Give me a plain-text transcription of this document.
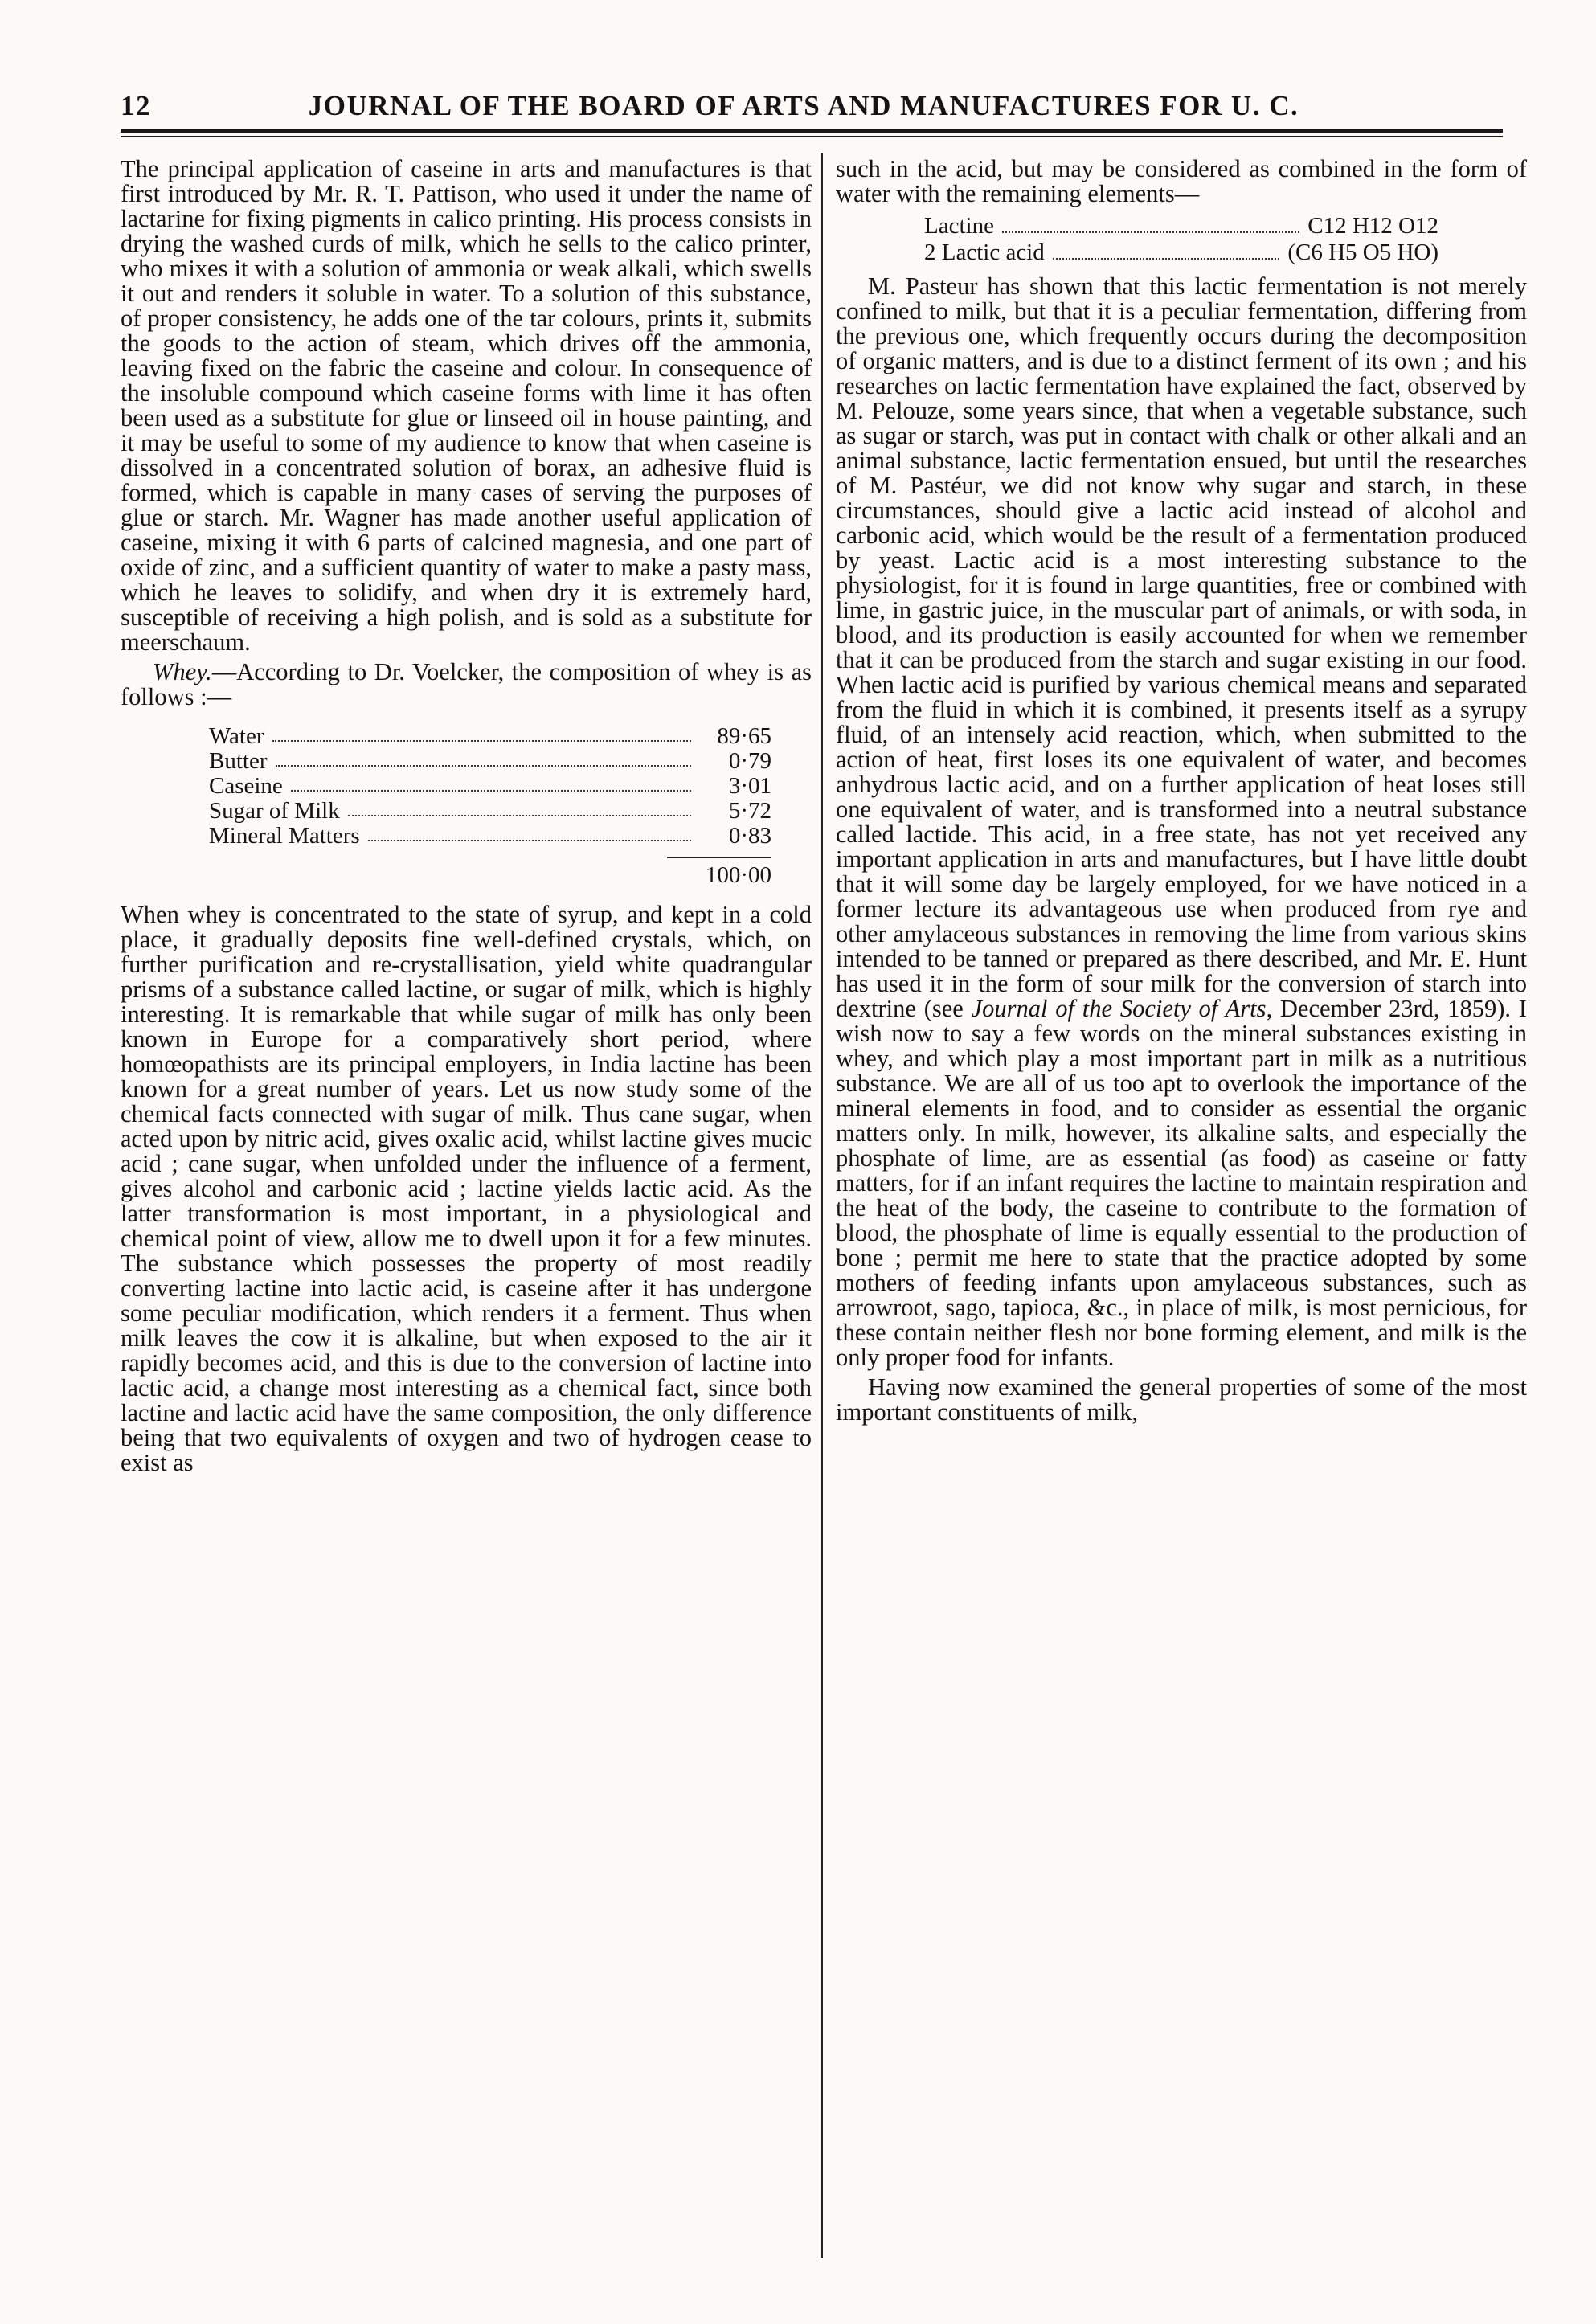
12	JOURNAL OF THE BOARD OF ARTS AND MANUFACTURES FOR U. C.

The principal application of caseine in arts and manufactures is that first introduced by Mr. R. T. Pattison, who used it under the name of lactarine for fixing pigments in calico printing. His process consists in drying the washed curds of milk, which he sells to the calico printer, who mixes it with a solution of ammonia or weak alkali, which swells it out and renders it soluble in water. To a solution of this substance, of proper consistency, he adds one of the tar colours, prints it, submits the goods to the action of steam, which drives off the ammonia, leaving fixed on the fabric the caseine and colour. In consequence of the insoluble compound which caseine forms with lime it has often been used as a substitute for glue or linseed oil in house painting, and it may be useful to some of my audience to know that when caseine is dissolved in a concentrated solution of borax, an adhesive fluid is formed, which is capable in many cases of serving the purposes of glue or starch. Mr. Wagner has made another useful application of caseine, mixing it with 6 parts of calcined magnesia, and one part of oxide of zinc, and a sufficient quantity of water to make a pasty mass, which he leaves to solidify, and when dry it is extremely hard, susceptible of receiving a high polish, and is sold as a substitute for meerschaum.

Whey.—According to Dr. Voelcker, the composition of whey is as follows :—

Water	89·65
Butter	0·79
Caseine	3·01
Sugar of Milk	5·72
Mineral Matters	0·83
100·00

When whey is concentrated to the state of syrup, and kept in a cold place, it gradually deposits fine well-defined crystals, which, on further purification and re-crystallisation, yield white quadrangular prisms of a substance called lactine, or sugar of milk, which is highly interesting. It is remarkable that while sugar of milk has only been known in Europe for a comparatively short period, where homœopathists are its principal employers, in India lactine has been known for a great number of years. Let us now study some of the chemical facts connected with sugar of milk. Thus cane sugar, when acted upon by nitric acid, gives oxalic acid, whilst lactine gives mucic acid ; cane sugar, when unfolded under the influence of a ferment, gives alcohol and carbonic acid ; lactine yields lactic acid. As the latter transformation is most important, in a physiological and chemical point of view, allow me to dwell upon it for a few minutes. The substance which possesses the property of most readily converting lactine into lactic acid, is caseine after it has undergone some peculiar modification, which renders it a ferment. Thus when milk leaves the cow it is alkaline, but when exposed to the air it rapidly becomes acid, and this is due to the conversion of lactine into lactic acid, a change most interesting as a chemical fact, since both lactine and lactic acid have the same composition, the only difference being that two equivalents of oxygen and two of hydrogen cease to exist as

such in the acid, but may be considered as combined in the form of water with the remaining elements—

Lactine	C12 H12 O12
2 Lactic acid	(C6 H5 O5 HO)

M. Pasteur has shown that this lactic fermentation is not merely confined to milk, but that it is a peculiar fermentation, differing from the previous one, which frequently occurs during the decomposition of organic matters, and is due to a distinct ferment of its own ; and his researches on lactic fermentation have explained the fact, observed by M. Pelouze, some years since, that when a vegetable substance, such as sugar or starch, was put in contact with chalk or other alkali and an animal substance, lactic fermentation ensued, but until the researches of M. Pastéur, we did not know why sugar and starch, in these circumstances, should give a lactic acid instead of alcohol and carbonic acid, which would be the result of a fermentation produced by yeast. Lactic acid is a most interesting substance to the physiologist, for it is found in large quantities, free or combined with lime, in gastric juice, in the muscular part of animals, or with soda, in blood, and its production is easily accounted for when we remember that it can be produced from the starch and sugar existing in our food. When lactic acid is purified by various chemical means and separated from the fluid in which it is combined, it presents itself as a syrupy fluid, of an intensely acid reaction, which, when submitted to the action of heat, first loses its one equivalent of water, and becomes anhydrous lactic acid, and on a further application of heat loses still one equivalent of water, and is transformed into a neutral substance called lactide. This acid, in a free state, has not yet received any important application in arts and manufactures, but I have little doubt that it will some day be largely employed, for we have noticed in a former lecture its advantageous use when produced from rye and other amylaceous substances in removing the lime from various skins intended to be tanned or prepared as there described, and Mr. E. Hunt has used it in the form of sour milk for the conversion of starch into dextrine (see Journal of the Society of Arts, December 23rd, 1859). I wish now to say a few words on the mineral substances existing in whey, and which play a most important part in milk as a nutritious substance. We are all of us too apt to overlook the importance of the mineral elements in food, and to consider as essential the organic matters only. In milk, however, its alkaline salts, and especially the phosphate of lime, are as essential (as food) as caseine or fatty matters, for if an infant requires the lactine to maintain respiration and the heat of the body, the caseine to contribute to the formation of blood, the phosphate of lime is equally essential to the production of bone ; permit me here to state that the practice adopted by some mothers of feeding infants upon amylaceous substances, such as arrowroot, sago, tapioca, &c., in place of milk, is most pernicious, for these contain neither flesh nor bone forming element, and milk is the only proper food for infants.

Having now examined the general properties of some of the most important constituents of milk,
